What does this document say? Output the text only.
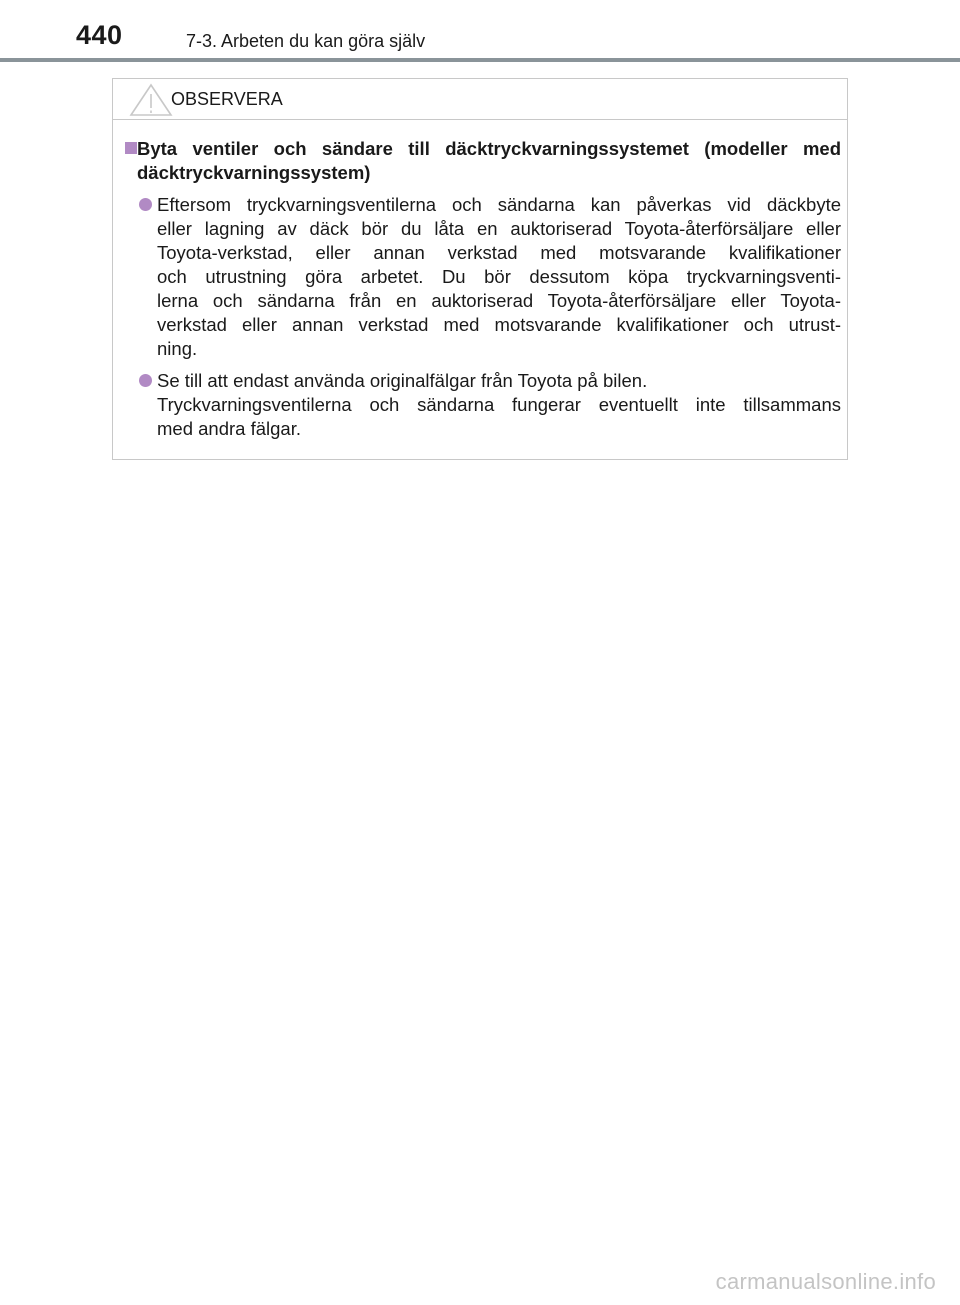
440	7-3. Arbeten du kan göra själv
OBSERVERA
Byta ventiler och sändare till däcktryckvarningssystemet (modeller med däcktryckvarningssystem)
Eftersom tryckvarningsventilerna och sändarna kan påverkas vid däckbyte
eller lagning av däck bör du låta en auktoriserad Toyota-återförsäljare eller
Toyota-verkstad, eller annan verkstad med motsvarande kvalifikationer
och utrustning göra arbetet. Du bör dessutom köpa tryckvarningsventi-
lerna och sändarna från en auktoriserad Toyota-återförsäljare eller Toyota-
verkstad eller annan verkstad med motsvarande kvalifikationer och utrust-
ning.
Se till att endast använda originalfälgar från Toyota på bilen.
Tryckvarningsventilerna och sändarna fungerar eventuellt inte tillsammans
med andra fälgar.
carmanualsonline.info
